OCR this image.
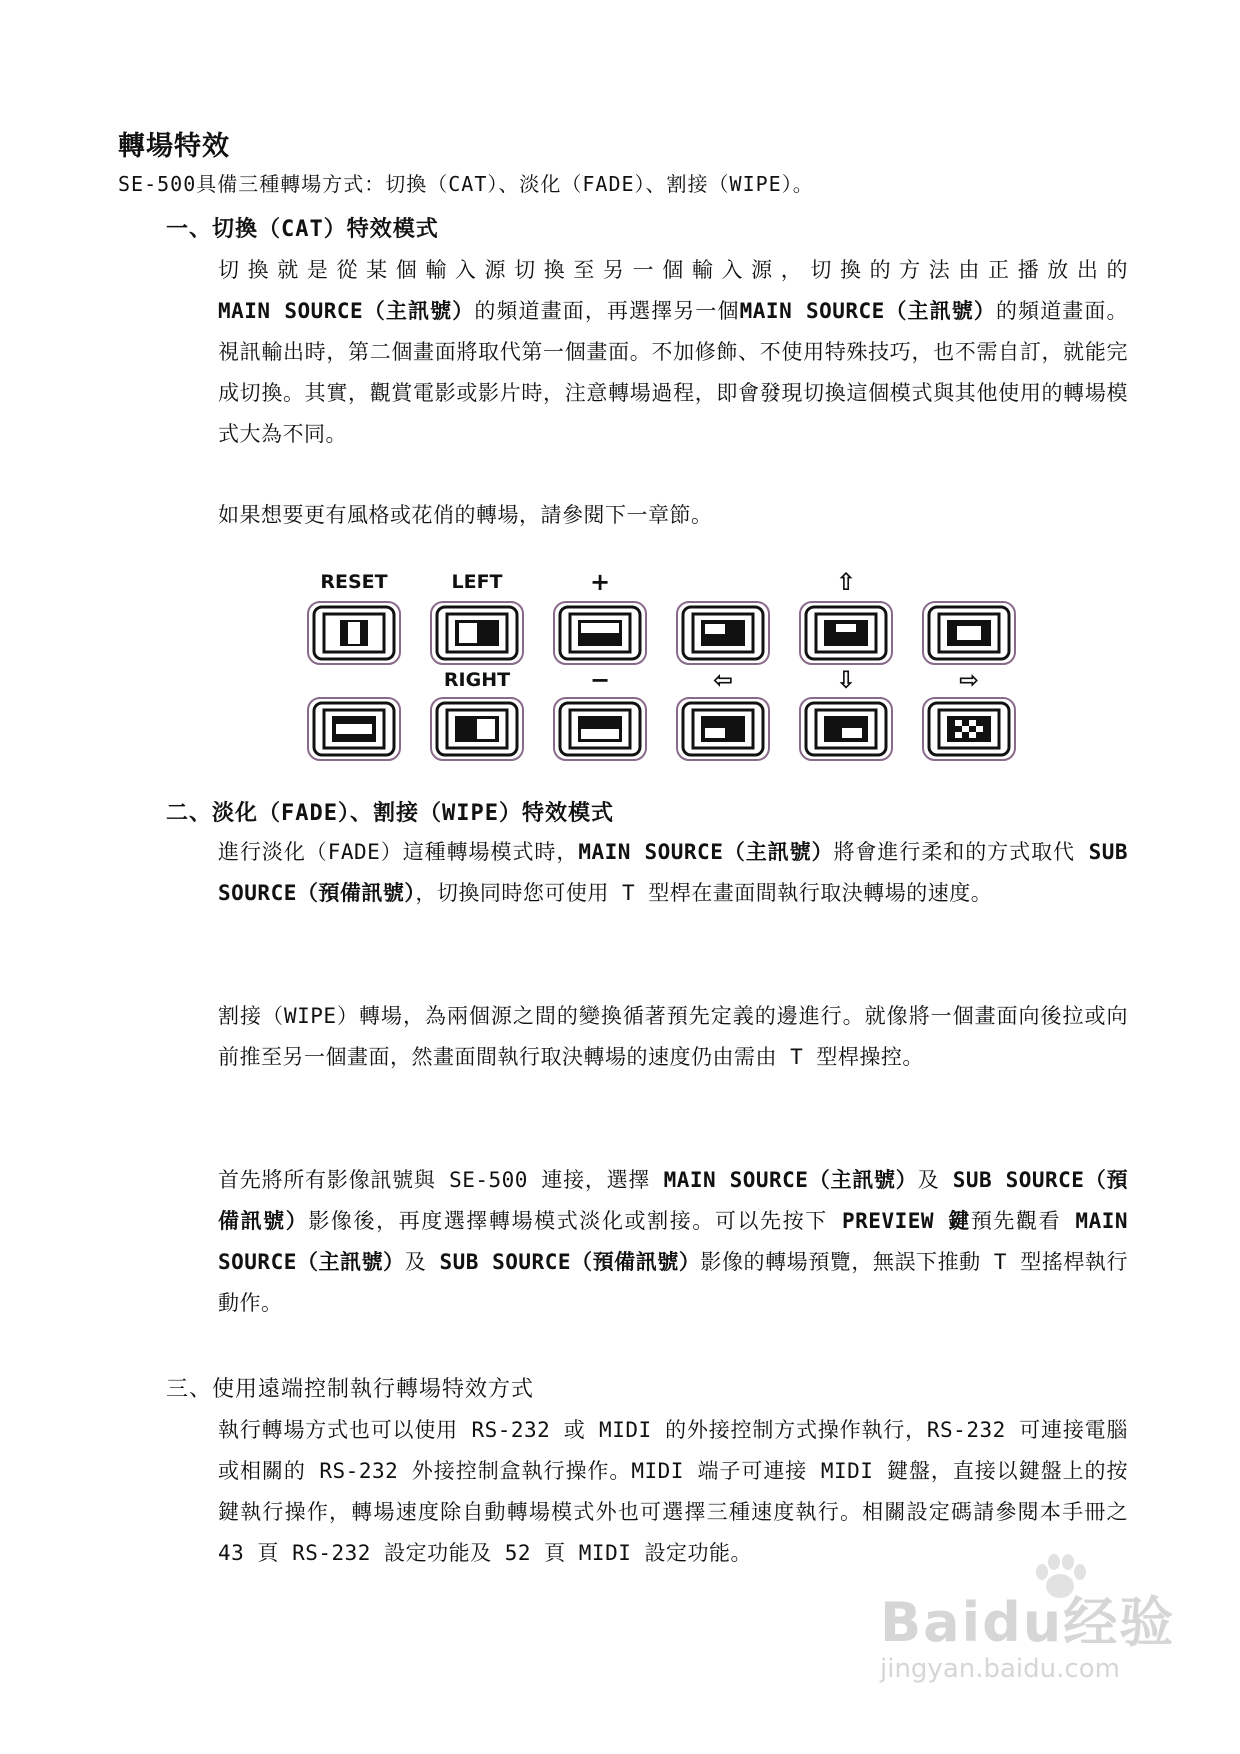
轉場特效
SE-500具備三種轉場方式：切換（CAT）、淡化（FADE）、割接（WIPE）。
一、切換（CAT）特效模式
切換就是從某個輸入源切換至另一個輸入源，切換的方法由正播放出的MAIN SOURCE（主訊號）的頻道畫面，再選擇另一個MAIN SOURCE（主訊號）的頻道畫面。視訊輸出時，第二個畫面將取代第一個畫面。不加修飾、不使用特殊技巧，也不需自訂，就能完成切換。其實，觀賞電影或影片時，注意轉場過程，即會發現切換這個模式與其他使用的轉場模式大為不同。
如果想要更有風格或花俏的轉場，請參閱下一章節。
RESET	LEFT	+	⇧
RIGHT	−	⇦	⇩	⇨
二、淡化（FADE）、割接（WIPE）特效模式
進行淡化（FADE）這種轉場模式時，MAIN SOURCE（主訊號）將會進行柔和的方式取代 SUB SOURCE（預備訊號），切換同時您可使用 T 型桿在畫面間執行取決轉場的速度。
割接（WIPE）轉場，為兩個源之間的變換循著預先定義的邊進行。就像將一個畫面向後拉或向前推至另一個畫面，然畫面間執行取決轉場的速度仍由需由 T 型桿操控。
首先將所有影像訊號與 SE-500 連接，選擇 MAIN SOURCE（主訊號）及 SUB SOURCE（預備訊號）影像後，再度選擇轉場模式淡化或割接。可以先按下 PREVIEW 鍵預先觀看 MAIN SOURCE（主訊號）及 SUB SOURCE（預備訊號）影像的轉場預覽，無誤下推動 T 型搖桿執行動作。
三、使用遠端控制執行轉場特效方式
執行轉場方式也可以使用 RS-232 或 MIDI 的外接控制方式操作執行，RS-232 可連接電腦或相關的 RS-232 外接控制盒執行操作。MIDI 端子可連接 MIDI 鍵盤，直接以鍵盤上的按鍵執行操作，轉場速度除自動轉場模式外也可選擇三種速度執行。相關設定碼請參閱本手冊之 43 頁 RS-232 設定功能及 52 頁 MIDI 設定功能。
Baidu经验
jingyan.baidu.com
